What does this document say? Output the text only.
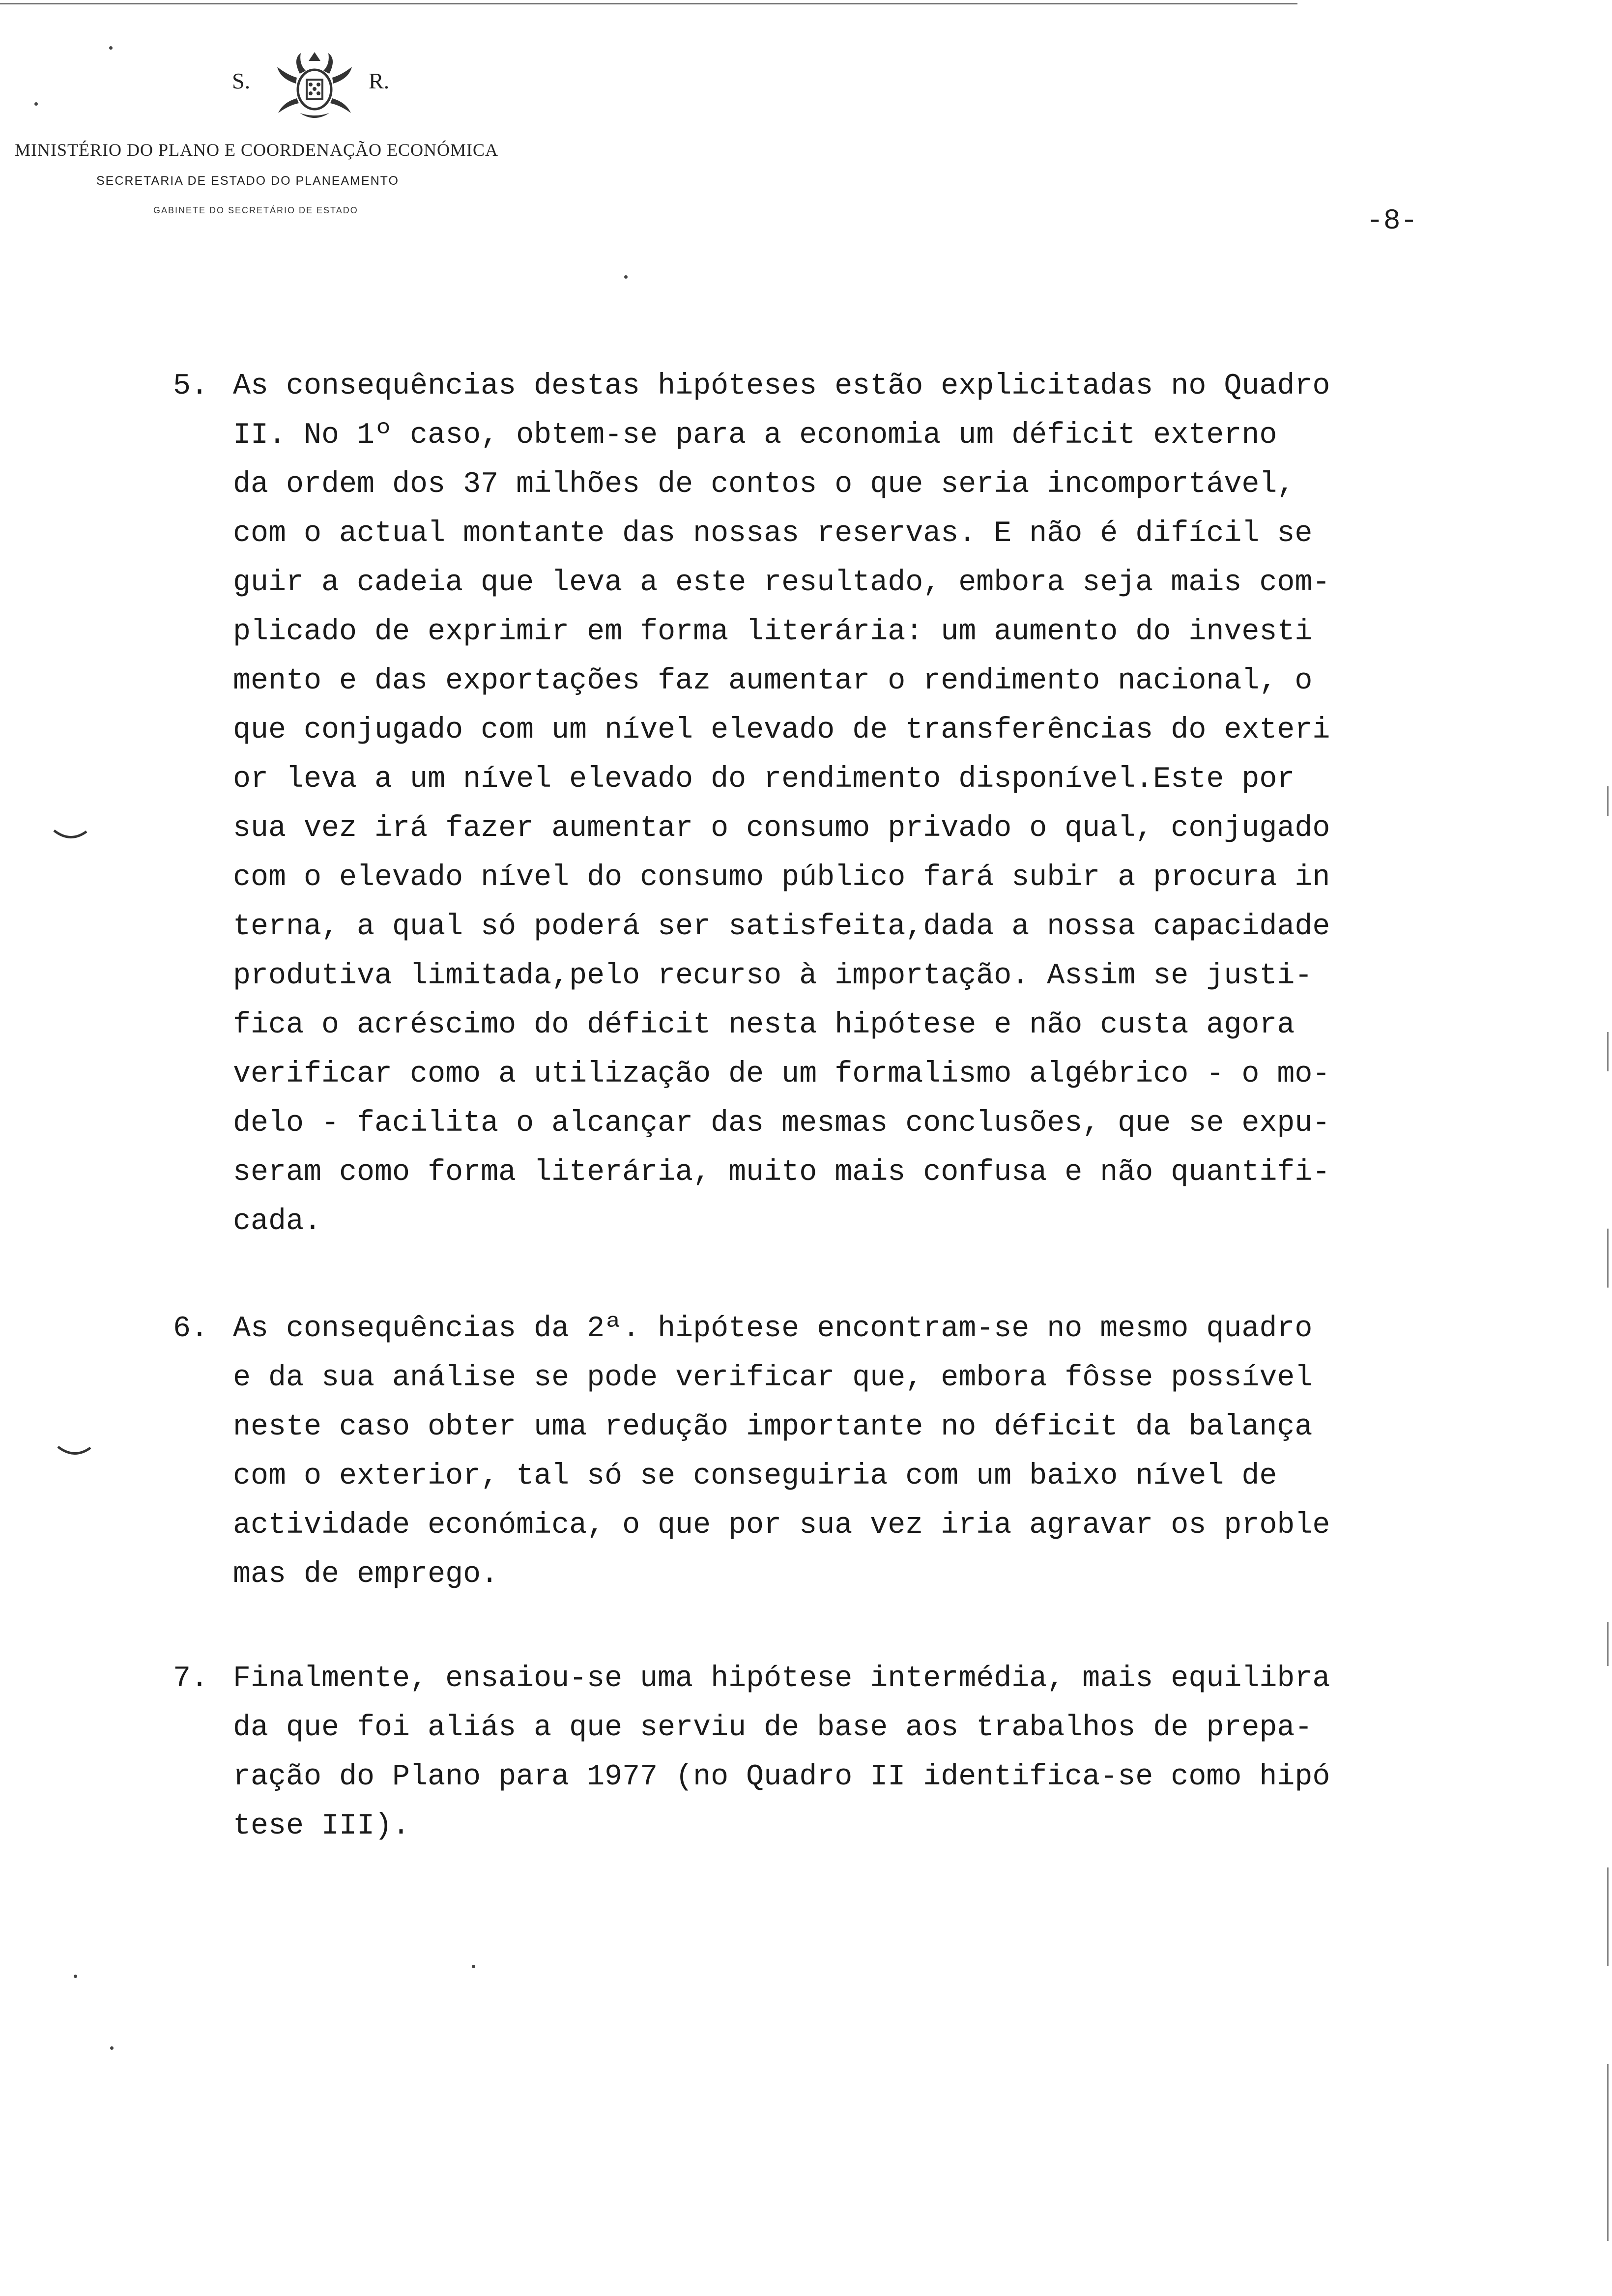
S.	R.
MINISTÉRIO DO PLANO E COORDENAÇÃO ECONÓMICA
SECRETARIA DE ESTADO DO PLANEAMENTO
GABINETE DO SECRETÁRIO DE ESTADO	-8-
5. As consequências destas hipóteses estão explicitadas no Quadro
II. No 1º caso, obtem-se para a economia um déficit externo
da ordem dos 37 milhões de contos o que seria incomportável,
com o actual montante das nossas reservas. E não é difícil se
guir a cadeia que leva a este resultado, embora seja mais com-
plicado de exprimir em forma literária: um aumento do investi
mento e das exportações faz aumentar o rendimento nacional, o
que conjugado com um nível elevado de transferências do exteri
or leva a um nível elevado do rendimento disponível.Este por
sua vez irá fazer aumentar o consumo privado o qual, conjugado
com o elevado nível do consumo público fará subir a procura in
terna, a qual só poderá ser satisfeita,dada a nossa capacidade
produtiva limitada,pelo recurso à importação. Assim se justi-
fica o acréscimo do déficit nesta hipótese e não custa agora
verificar como a utilização de um formalismo algébrico - o mo-
delo - facilita o alcançar das mesmas conclusões, que se expu-
seram como forma literária, muito mais confusa e não quantifi-
cada.
6. As consequências da 2ª. hipótese encontram-se no mesmo quadro
e da sua análise se pode verificar que, embora fôsse possível
neste caso obter uma redução importante no déficit da balança
com o exterior, tal só se conseguiria com um baixo nível de
actividade económica, o que por sua vez iria agravar os proble
mas de emprego.
7. Finalmente, ensaiou-se uma hipótese intermédia, mais equilibra
da que foi aliás a que serviu de base aos trabalhos de prepa-
ração do Plano para 1977 (no Quadro II identifica-se como hipó
tese III).
